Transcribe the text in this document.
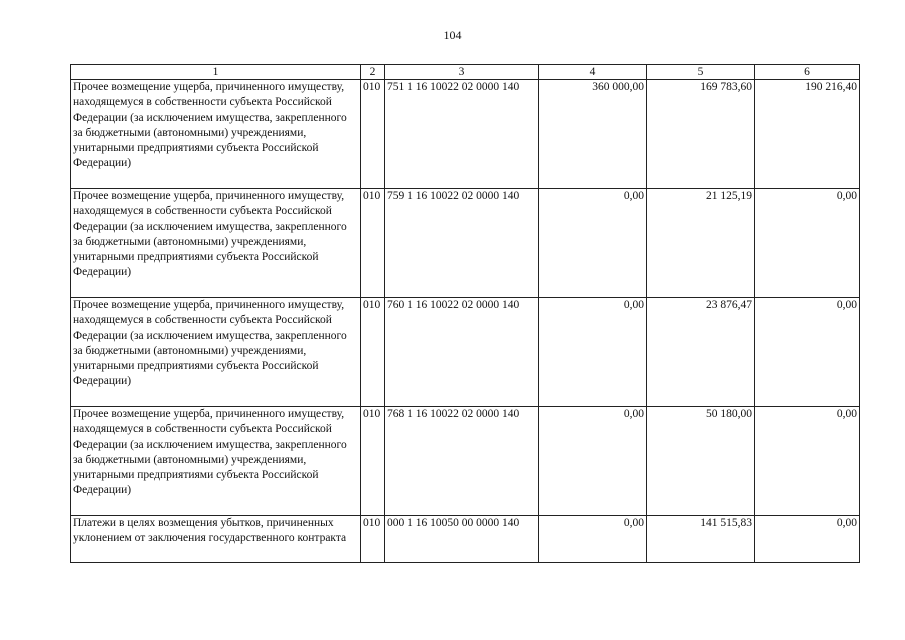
104
1	2	3	4	5	6
Прочее возмещение ущерба, причиненного имуществу, находящемуся в собственности субъекта Российской Федерации (за исключением имущества, закрепленного за бюджетными (автономными) учреждениями, унитарными предприятиями субъекта Российской Федерации)	010	751 1 16 10022 02 0000 140	360 000,00	169 783,60	190 216,40
Прочее возмещение ущерба, причиненного имуществу, находящемуся в собственности субъекта Российской Федерации (за исключением имущества, закрепленного за бюджетными (автономными) учреждениями, унитарными предприятиями субъекта Российской Федерации)	010	759 1 16 10022 02 0000 140	0,00	21 125,19	0,00
Прочее возмещение ущерба, причиненного имуществу, находящемуся в собственности субъекта Российской Федерации (за исключением имущества, закрепленного за бюджетными (автономными) учреждениями, унитарными предприятиями субъекта Российской Федерации)	010	760 1 16 10022 02 0000 140	0,00	23 876,47	0,00
Прочее возмещение ущерба, причиненного имуществу, находящемуся в собственности субъекта Российской Федерации (за исключением имущества, закрепленного за бюджетными (автономными) учреждениями, унитарными предприятиями субъекта Российской Федерации)	010	768 1 16 10022 02 0000 140	0,00	50 180,00	0,00
Платежи в целях возмещения убытков, причиненных уклонением от заключения государственного контракта	010	000 1 16 10050 00 0000 140	0,00	141 515,83	0,00
